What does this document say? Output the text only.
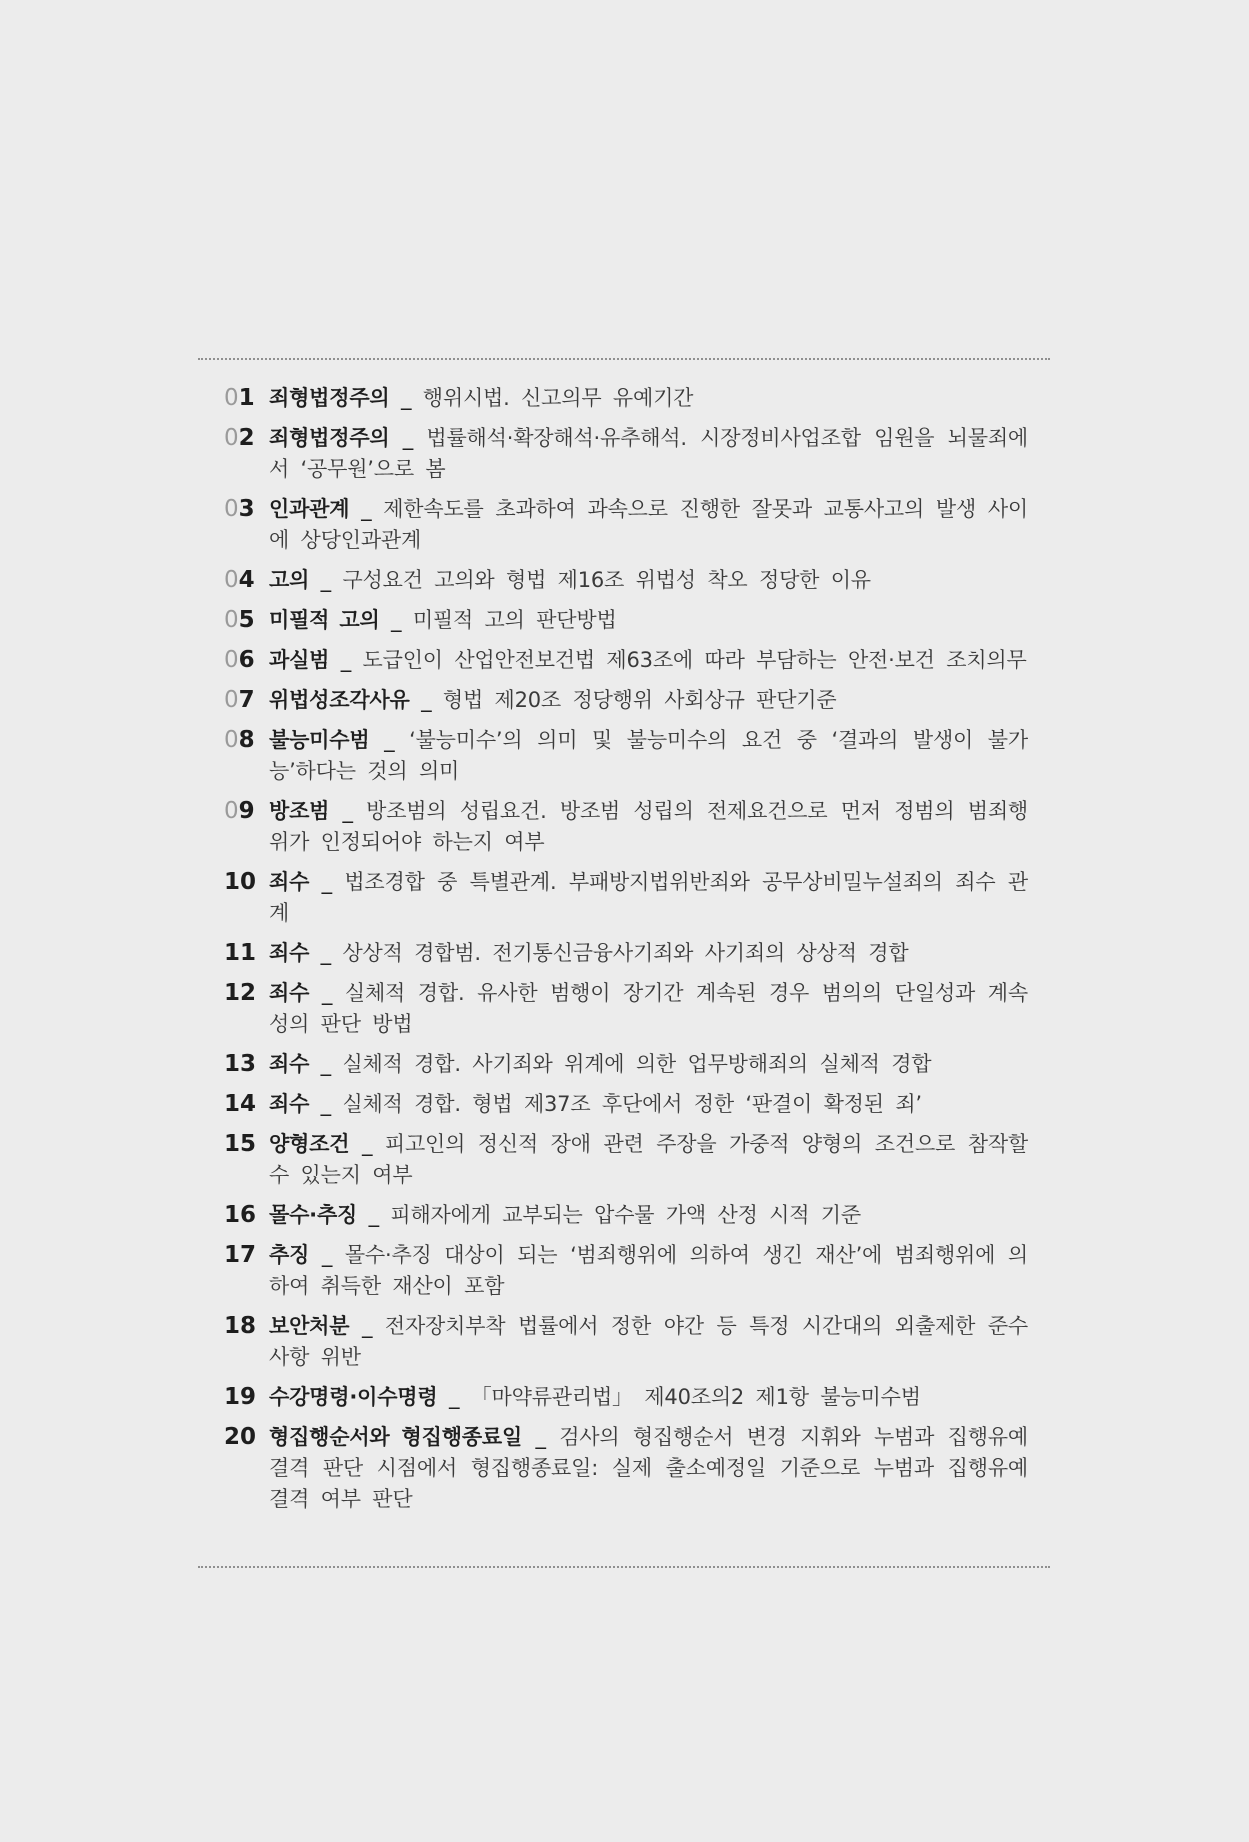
01 죄형법정주의 _ 행위시법. 신고의무 유예기간
02 죄형법정주의 _ 법률해석·확장해석·유추해석. 시장정비사업조합 임원을 뇌물죄에서 ‘공무원’으로 봄
03 인과관계 _ 제한속도를 초과하여 과속으로 진행한 잘못과 교통사고의 발생 사이에 상당인과관계
04 고의 _ 구성요건 고의와 형법 제16조 위법성 착오 정당한 이유
05 미필적 고의 _ 미필적 고의 판단방법
06 과실범 _ 도급인이 산업안전보건법 제63조에 따라 부담하는 안전·보건 조치의무
07 위법성조각사유 _ 형법 제20조 정당행위 사회상규 판단기준
08 불능미수범 _ ‘불능미수’의 의미 및 불능미수의 요건 중 ‘결과의 발생이 불가능’하다는 것의 의미
09 방조범 _ 방조범의 성립요건. 방조범 성립의 전제요건으로 먼저 정범의 범죄행위가 인정되어야 하는지 여부
10 죄수 _ 법조경합 중 특별관계. 부패방지법위반죄와 공무상비밀누설죄의 죄수 관계
11 죄수 _ 상상적 경합범. 전기통신금융사기죄와 사기죄의 상상적 경합
12 죄수 _ 실체적 경합. 유사한 범행이 장기간 계속된 경우 범의의 단일성과 계속성의 판단 방법
13 죄수 _ 실체적 경합. 사기죄와 위계에 의한 업무방해죄의 실체적 경합
14 죄수 _ 실체적 경합. 형법 제37조 후단에서 정한 ‘판결이 확정된 죄’
15 양형조건 _ 피고인의 정신적 장애 관련 주장을 가중적 양형의 조건으로 참작할 수 있는지 여부
16 몰수·추징 _ 피해자에게 교부되는 압수물 가액 산정 시적 기준
17 추징 _ 몰수·추징 대상이 되는 ‘범죄행위에 의하여 생긴 재산’에 범죄행위에 의하여 취득한 재산이 포함
18 보안처분 _ 전자장치부착 법률에서 정한 야간 등 특정 시간대의 외출제한 준수사항 위반
19 수강명령·이수명령 _ 「마약류관리법」 제40조의2 제1항 불능미수범
20 형집행순서와 형집행종료일 _ 검사의 형집행순서 변경 지휘와 누범과 집행유예결격 판단 시점에서 형집행종료일: 실제 출소예정일 기준으로 누범과 집행유예결격 여부 판단
